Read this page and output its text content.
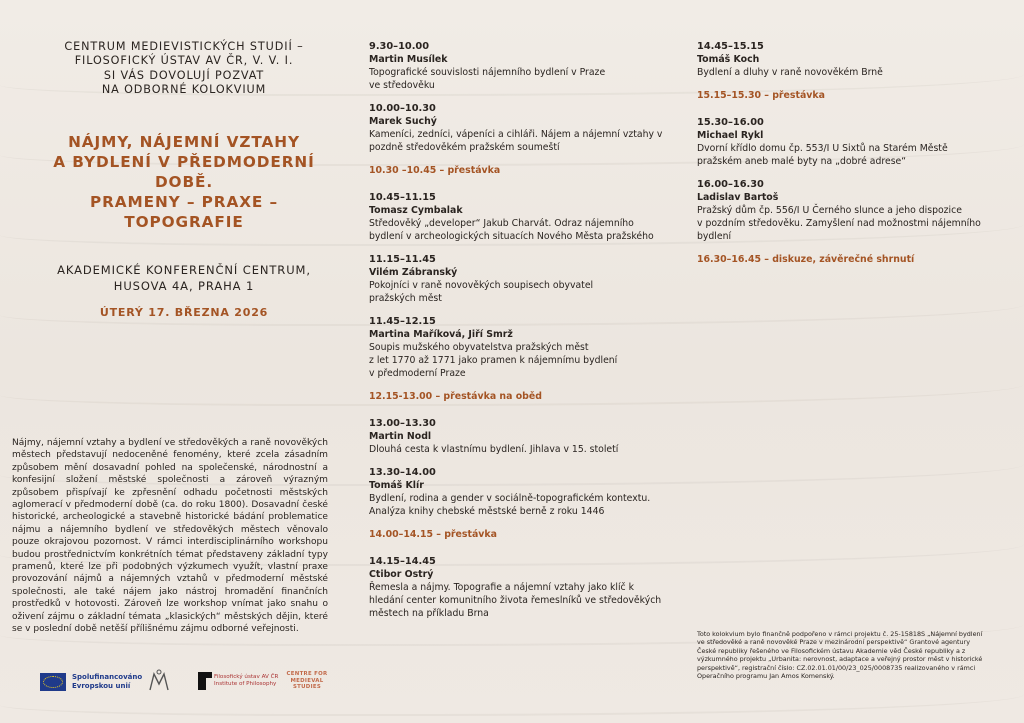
CENTRUM MEDIEVISTICKÝCH STUDIÍ –
FILOSOFICKÝ ÚSTAV AV ČR, V. V. I.
SI VÁS DOVOLUJÍ POZVAT
NA ODBORNÉ KOLOKVIUM
NÁJMY, NÁJEMNÍ VZTAHY
A BYDLENÍ V PŘEDMODERNÍ DOBĚ.
PRAMENY – PRAXE – TOPOGRAFIE
AKADEMICKÉ KONFERENČNÍ CENTRUM,
HUSOVA 4A, PRAHA 1
ÚTERÝ 17. BŘEZNA 2026
Nájmy, nájemní vztahy a bydlení ve středověkých a raně novověkých městech představují nedoceněné fenomény, které zcela zásadním způsobem mění dosavadní pohled na společenské, národnostní a konfesijní složení městské společnosti a zároveň výrazným způsobem přispívají ke zpřesnění odhadu početnosti městských aglomerací v předmoderní době (ca. do roku 1800). Dosavadní české historické, archeologické a stavebně historické bádání problematice nájmu a nájemního bydlení ve středověkých městech věnovalo pouze okrajovou pozornost. V rámci interdisciplinárního workshopu budou prostřednictvím konkrétních témat představeny základní typy pramenů, které lze při podobných výzkumech využít, vlastní praxe provozování nájmů a nájemných vztahů v předmoderní městské společnosti, ale také nájem jako nástroj hromadění finančních prostředků v hotovosti. Zároveň lze workshop vnímat jako snahu o oživení zájmu o základní témata „klasických“ městských dějin, které se v poslední době netěší přílišnému zájmu odborné veřejnosti.
9.30–10.00
Martin Musílek
Topografické souvislosti nájemního bydlení v Praze
ve středověku
10.00–10.30
Marek Suchý
Kameníci, zedníci, vápeníci a cihláři. Nájem a nájemní vztahy v
pozdně středověkém pražském soumeští
10.30 –10.45 – přestávka
10.45–11.15
Tomasz Cymbalak
Středověký „developer“ Jakub Charvát. Odraz nájemního
bydlení v archeologických situacích Nového Města pražského
11.15–11.45
Vilém Zábranský
Pokojníci v raně novověkých soupisech obyvatel
pražských měst
11.45–12.15
Martina Maříková, Jiří Smrž
Soupis mužského obyvatelstva pražských měst
z let 1770 až 1771 jako pramen k nájemnímu bydlení
v předmoderní Praze
12.15-13.00 – přestávka na oběd
13.00–13.30
Martin Nodl
Dlouhá cesta k vlastnímu bydlení. Jihlava v 15. století
13.30–14.00
Tomáš Klír
Bydlení, rodina a gender v sociálně-topografickém kontextu.
Analýza knihy chebské městské berně z roku 1446
14.00–14.15 – přestávka
14.15–14.45
Ctibor Ostrý
Řemesla a nájmy. Topografie a nájemní vztahy jako klíč k
hledání center komunitního života řemeslníků ve středověkých
městech na příkladu Brna
14.45–15.15
Tomáš Koch
Bydlení a dluhy v raně novověkém Brně
15.15–15.30 – přestávka
15.30–16.00
Michael Rykl
Dvorní křídlo domu čp. 553/I U Sixtů na Starém Městě
pražském aneb malé byty na „dobré adrese“
16.00–16.30
Ladislav Bartoš
Pražský dům čp. 556/I U Černého slunce a jeho dispozice
v pozdním středověku. Zamyšlení nad možnostmi nájemního
bydlení
16.30–16.45 – diskuze, závěrečné shrnutí
Toto kolokvium bylo finančně podpořeno v rámci projektu č. 25-15818S „Nájemní bydlení ve středověké a raně novověké Praze v mezinárodní perspektivě“ Grantové agentury České republiky řešeného ve Filosofickém ústavu Akademie věd České republiky a z výzkumného projektu „Urbanita: nerovnost, adaptace a veřejný prostor měst v historické perspektivě“, registrační číslo: CZ.02.01.01/00/23_025/0008735 realizovaného v rámci Operačního programu Jan Amos Komenský.
Spolufinancováno Evropskou unií
Filosofický ústav AV ČR Institute of Philosophy
CENTRE FOR MEDIEVAL STUDIES
